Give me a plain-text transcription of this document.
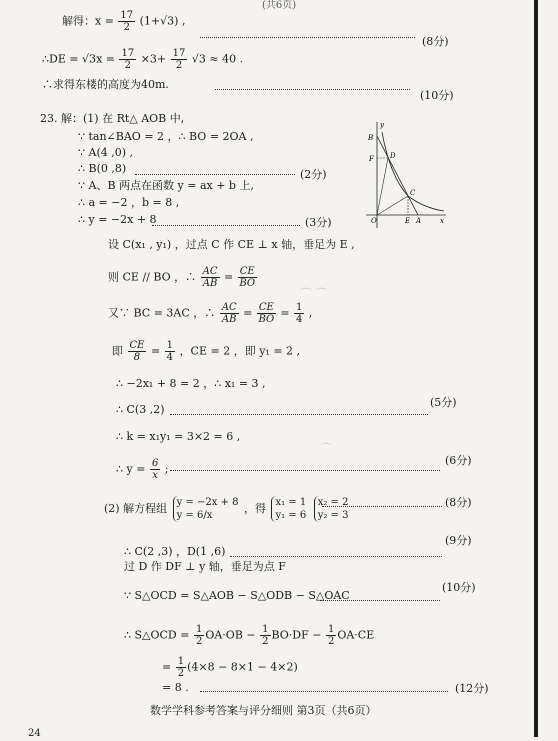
(共6页)
⌒ ⌒
⌒
解得：$x = \frac{17}{2} (1+√3)$ ,
(8分)
∴DE = $√3x = \frac{17}{2} \times 3+ \frac{17}{2} √3 \approx 40$ .
∴求得东楼的高度为40m.
(10分)
23. 解：(1) 在 Rt△ AOB 中,
∵ tan∠BAO = 2 ，∴ BO = 2OA ,
∵ A(4 ,0) ,
∴ B(0 ,8)	(2分)
∵ A、B 两点在函数 y = ax + b 上,
∴ a = −2 ，b = 8 ,
∴ y = −2x + 8	(3分)
y
B
F D
C
O	E A	x
设 C(x₁ , y₁) ，过点 C 作 CE ⊥ x 轴，垂足为 E ,
则 CE // BO ，∴ $\frac{AC}{AB} = \frac{CE}{BO}$
又∵ BC = 3AC ，∴ $\frac{AC}{AB} = \frac{CE}{BO} = \frac{1}{4}$ ,
即 $\frac{CE}{8} = \frac{1}{4}$ ，CE = 2 ，即 y₁ = 2 ,
∴ −2x₁ + 8 = 2 ，∴ x₁ = 3 ,
∴ C(3 ,2)
(5分)
∴ k = x₁y₁ = 3×2 = 6 ,
∴ $y = \frac{6}{x}$ ;
(6分)
(2) 解方程组 y = −2x + 8
y = 6/x ，得 x₁ = 1
y₁ = 6 x₂ = 2
y₂ = 3
(8分)
∴ C(2 ,3) ，D(1 ,6)
(9分)
过 D 作 DF ⊥ y 轴，垂足为点 F
∵ S△OCD = S△AOB − S△ODB − S△OAC
(10分)
∴ S△OCD = $\frac{1}{2} OA\cdot OB - \frac{1}{2} BO\cdot DF - \frac{1}{2} OA\cdot CE$
= $\frac{1}{2} (4\times 8 - 8\times 1 - 4\times 2)$
= 8 .	(12分)
数学学科参考答案与评分细则 第3页（共6页）
24
